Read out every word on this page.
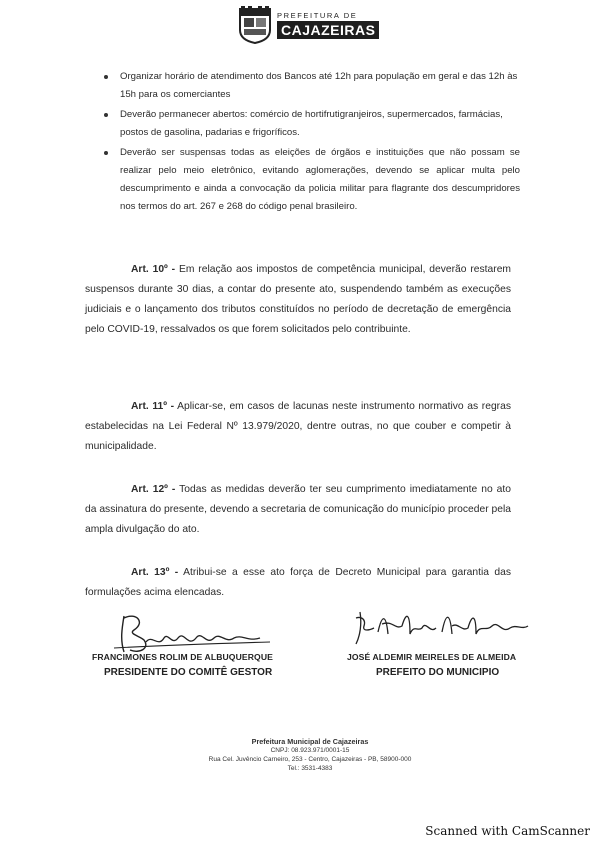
PREFEITURA DE
CAJAZEIRAS
Organizar horário de atendimento dos Bancos até 12h para população em geral e das 12h às 15h para os comerciantes
Deverão permanecer abertos: comércio de hortifrutigranjeiros, supermercados, farmácias, postos de gasolina, padarias e frigoríficos.
Deverão ser suspensas todas as eleições de órgãos e instituições que não possam se realizar pelo meio eletrônico, evitando aglomerações, devendo se aplicar multa pelo descumprimento e ainda a convocação da policia militar para flagrante dos descumpridores nos termos do art. 267 e 268 do código penal brasileiro.

Art. 10º - Em relação aos impostos de competência municipal, deverão restarem suspensos durante 30 dias, a contar do presente ato, suspendendo também as execuções judiciais e o lançamento dos tributos constituídos no período de decretação de emergência pelo COVID-19, ressalvados os que forem solicitados pelo contribuinte.

Art. 11º - Aplicar-se, em casos de lacunas neste instrumento normativo as regras estabelecidas na Lei Federal Nº 13.979/2020, dentre outras, no que couber e competir à municipalidade.

Art. 12º - Todas as medidas deverão ter seu cumprimento imediatamente no ato da assinatura do presente, devendo a secretaria de comunicação do município proceder pela ampla divulgação do ato.

Art. 13º - Atribui-se a esse ato força de Decreto Municipal para garantia das formulações acima elencadas.

FRANCIMONES ROLIM DE ALBUQUERQUE
PRESIDENTE DO COMITÊ GESTOR
JOSÉ ALDEMIR MEIRELES DE ALMEIDA
PREFEITO DO MUNICIPIO
Prefeitura Municipal de Cajazeiras
CNPJ: 08.923.971/0001-15
Rua Cel. Juvêncio Carneiro, 253 - Centro, Cajazeiras - PB, 58900-000
Tel.: 3531-4383
Scanned with CamScanner
